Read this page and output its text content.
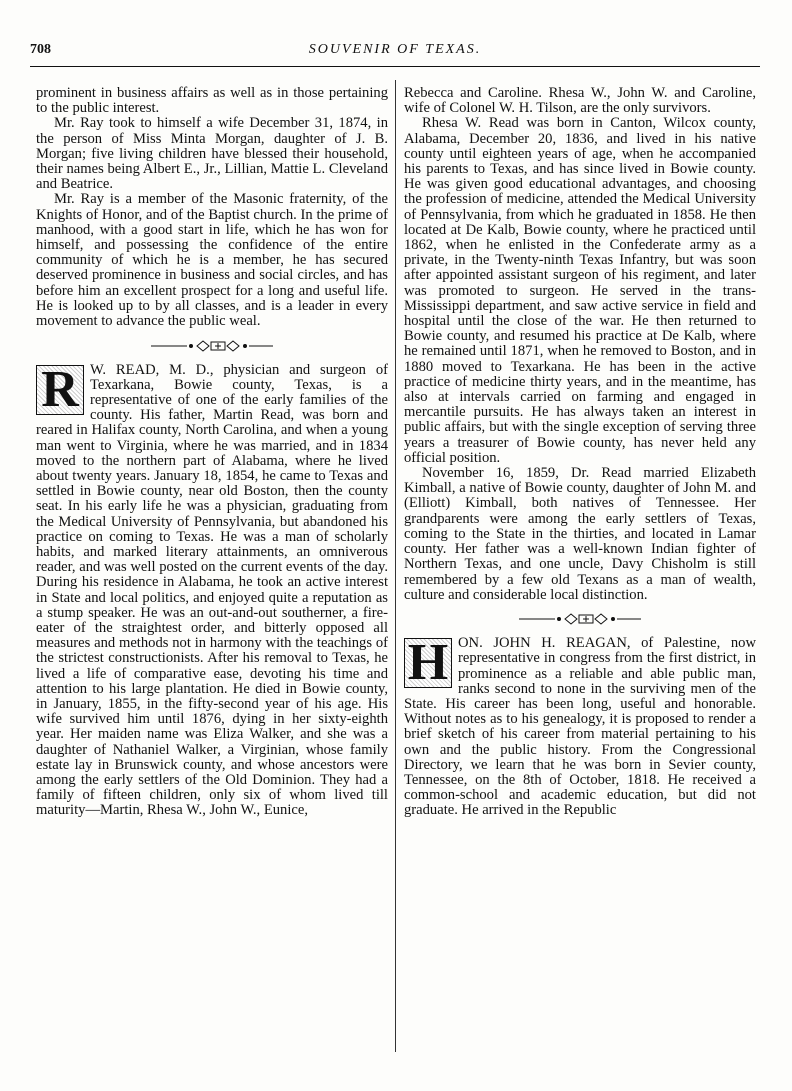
708	SOUVENIR OF TEXAS.

prominent in business affairs as well as in those pertaining to the public interest.

Mr. Ray took to himself a wife December 31, 1874, in the person of Miss Minta Morgan, daughter of J. B. Morgan; five living children have blessed their household, their names being Albert E., Jr., Lillian, Mattie L. Cleveland and Beatrice.

Mr. Ray is a member of the Masonic fraternity, of the Knights of Honor, and of the Baptist church. In the prime of manhood, with a good start in life, which he has won for himself, and possessing the confidence of the entire community of which he is a member, he has secured deserved prominence in business and social circles, and has before him an excellent prospect for a long and useful life. He is looked up to by all classes, and is a leader in every movement to advance the public weal.

R W. READ, M. D., physician and surgeon of Texarkana, Bowie county, Texas, is a representative of one of the early families of the county. His father, Martin Read, was born and reared in Halifax county, North Carolina, and when a young man went to Virginia, where he was married, and in 1834 moved to the northern part of Alabama, where he lived about twenty years. January 18, 1854, he came to Texas and settled in Bowie county, near old Boston, then the county seat. In his early life he was a physician, graduating from the Medical University of Pennsylvania, but abandoned his practice on coming to Texas. He was a man of scholarly habits, and marked literary attainments, an omniverous reader, and was well posted on the current events of the day. During his residence in Alabama, he took an active interest in State and local politics, and enjoyed quite a reputation as a stump speaker. He was an out-and-out southerner, a fire-eater of the straightest order, and bitterly opposed all measures and methods not in harmony with the teachings of the strictest constructionists. After his removal to Texas, he lived a life of comparative ease, devoting his time and attention to his large plantation. He died in Bowie county, in January, 1855, in the fifty-second year of his age. His wife survived him until 1876, dying in her sixty-eighth year. Her maiden name was Eliza Walker, and she was a daughter of Nathaniel Walker, a Virginian, whose family estate lay in Brunswick county, and whose ancestors were among the early settlers of the Old Dominion. They had a family of fifteen children, only six of whom lived till maturity—Martin, Rhesa W., John W., Eunice,

Rebecca and Caroline. Rhesa W., John W. and Caroline, wife of Colonel W. H. Tilson, are the only survivors.

Rhesa W. Read was born in Canton, Wilcox county, Alabama, December 20, 1836, and lived in his native county until eighteen years of age, when he accompanied his parents to Texas, and has since lived in Bowie county. He was given good educational advantages, and choosing the profession of medicine, attended the Medical University of Pennsylvania, from which he graduated in 1858. He then located at De Kalb, Bowie county, where he practiced until 1862, when he enlisted in the Confederate army as a private, in the Twenty-ninth Texas Infantry, but was soon after appointed assistant surgeon of his regiment, and later was promoted to surgeon. He served in the trans-Mississippi department, and saw active service in field and hospital until the close of the war. He then returned to Bowie county, and resumed his practice at De Kalb, where he remained until 1871, when he removed to Boston, and in 1880 moved to Texarkana. He has been in the active practice of medicine thirty years, and in the meantime, has also at intervals carried on farming and engaged in mercantile pursuits. He has always taken an interest in public affairs, but with the single exception of serving three years a treasurer of Bowie county, has never held any official position.

November 16, 1859, Dr. Read married Elizabeth Kimball, a native of Bowie county, daughter of John M. and (Elliott) Kimball, both natives of Tennessee. Her grandparents were among the early settlers of Texas, coming to the State in the thirties, and located in Lamar county. Her father was a well-known Indian fighter of Northern Texas, and one uncle, Davy Chisholm is still remembered by a few old Texans as a man of wealth, culture and considerable local distinction.

H ON. JOHN H. REAGAN, of Palestine, now representative in congress from the first district, in prominence as a reliable and able public man, ranks second to none in the surviving men of the State. His career has been long, useful and honorable. Without notes as to his genealogy, it is proposed to render a brief sketch of his career from material pertaining to his own and the public history. From the Congressional Directory, we learn that he was born in Sevier county, Tennessee, on the 8th of October, 1818. He received a common-school and academic education, but did not graduate. He arrived in the Republic
